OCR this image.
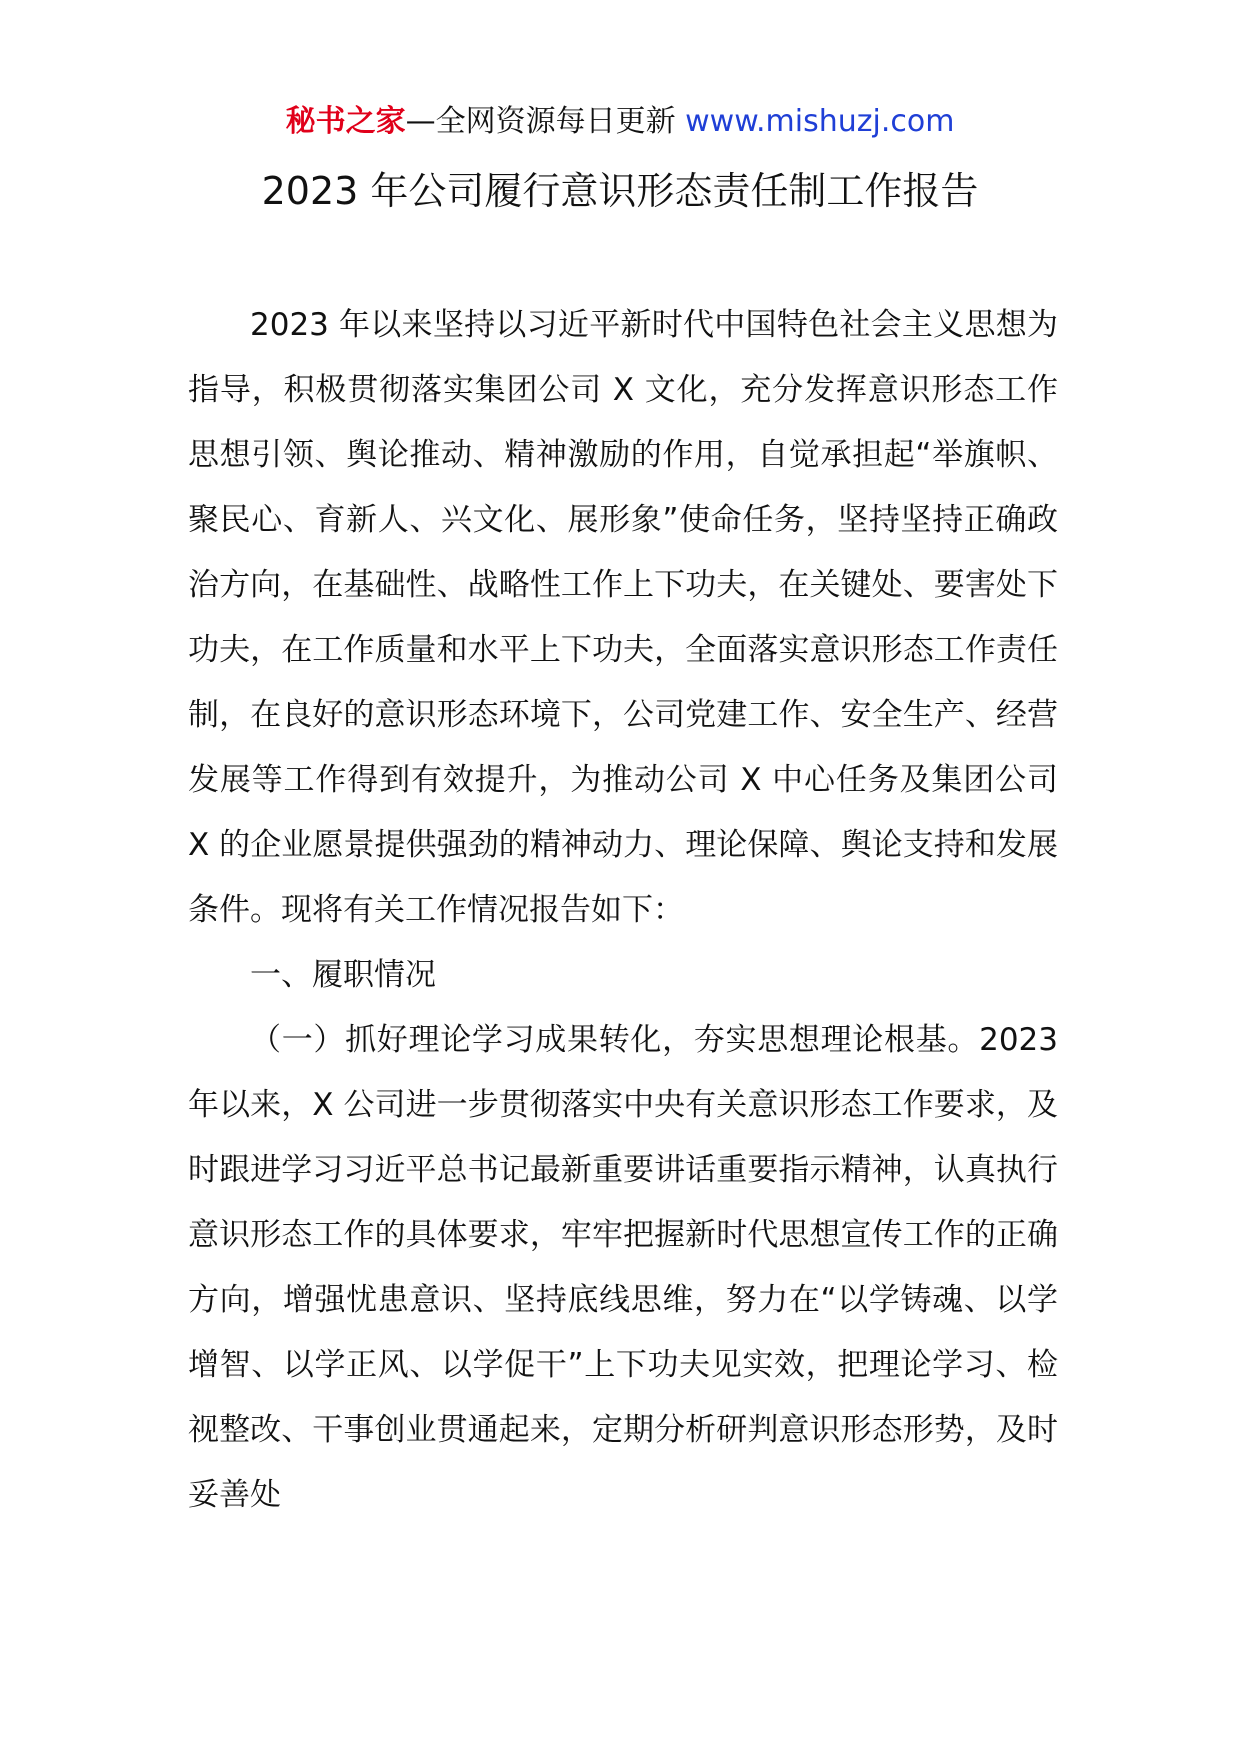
秘书之家—全网资源每日更新 www.mishuzj.com
2023 年公司履行意识形态责任制工作报告

2023 年以来坚持以习近平新时代中国特色社会主义思想为指导，积极贯彻落实集团公司 X 文化，充分发挥意识形态工作思想引领、舆论推动、精神激励的作用，自觉承担起“举旗帜、聚民心、育新人、兴文化、展形象”使命任务，坚持坚持正确政治方向，在基础性、战略性工作上下功夫，在关键处、要害处下功夫，在工作质量和水平上下功夫，全面落实意识形态工作责任制，在良好的意识形态环境下，公司党建工作、安全生产、经营发展等工作得到有效提升，为推动公司 X 中心任务及集团公司 X 的企业愿景提供强劲的精神动力、理论保障、舆论支持和发展条件。现将有关工作情况报告如下：

一、履职情况

（一）抓好理论学习成果转化，夯实思想理论根基。2023 年以来，X 公司进一步贯彻落实中央有关意识形态工作要求，及时跟进学习习近平总书记最新重要讲话重要指示精神，认真执行意识形态工作的具体要求，牢牢把握新时代思想宣传工作的正确方向，增强忧患意识、坚持底线思维，努力在“以学铸魂、以学增智、以学正风、以学促干”上下功夫见实效，把理论学习、检视整改、干事创业贯通起来，定期分析研判意识形态形势，及时妥善处
